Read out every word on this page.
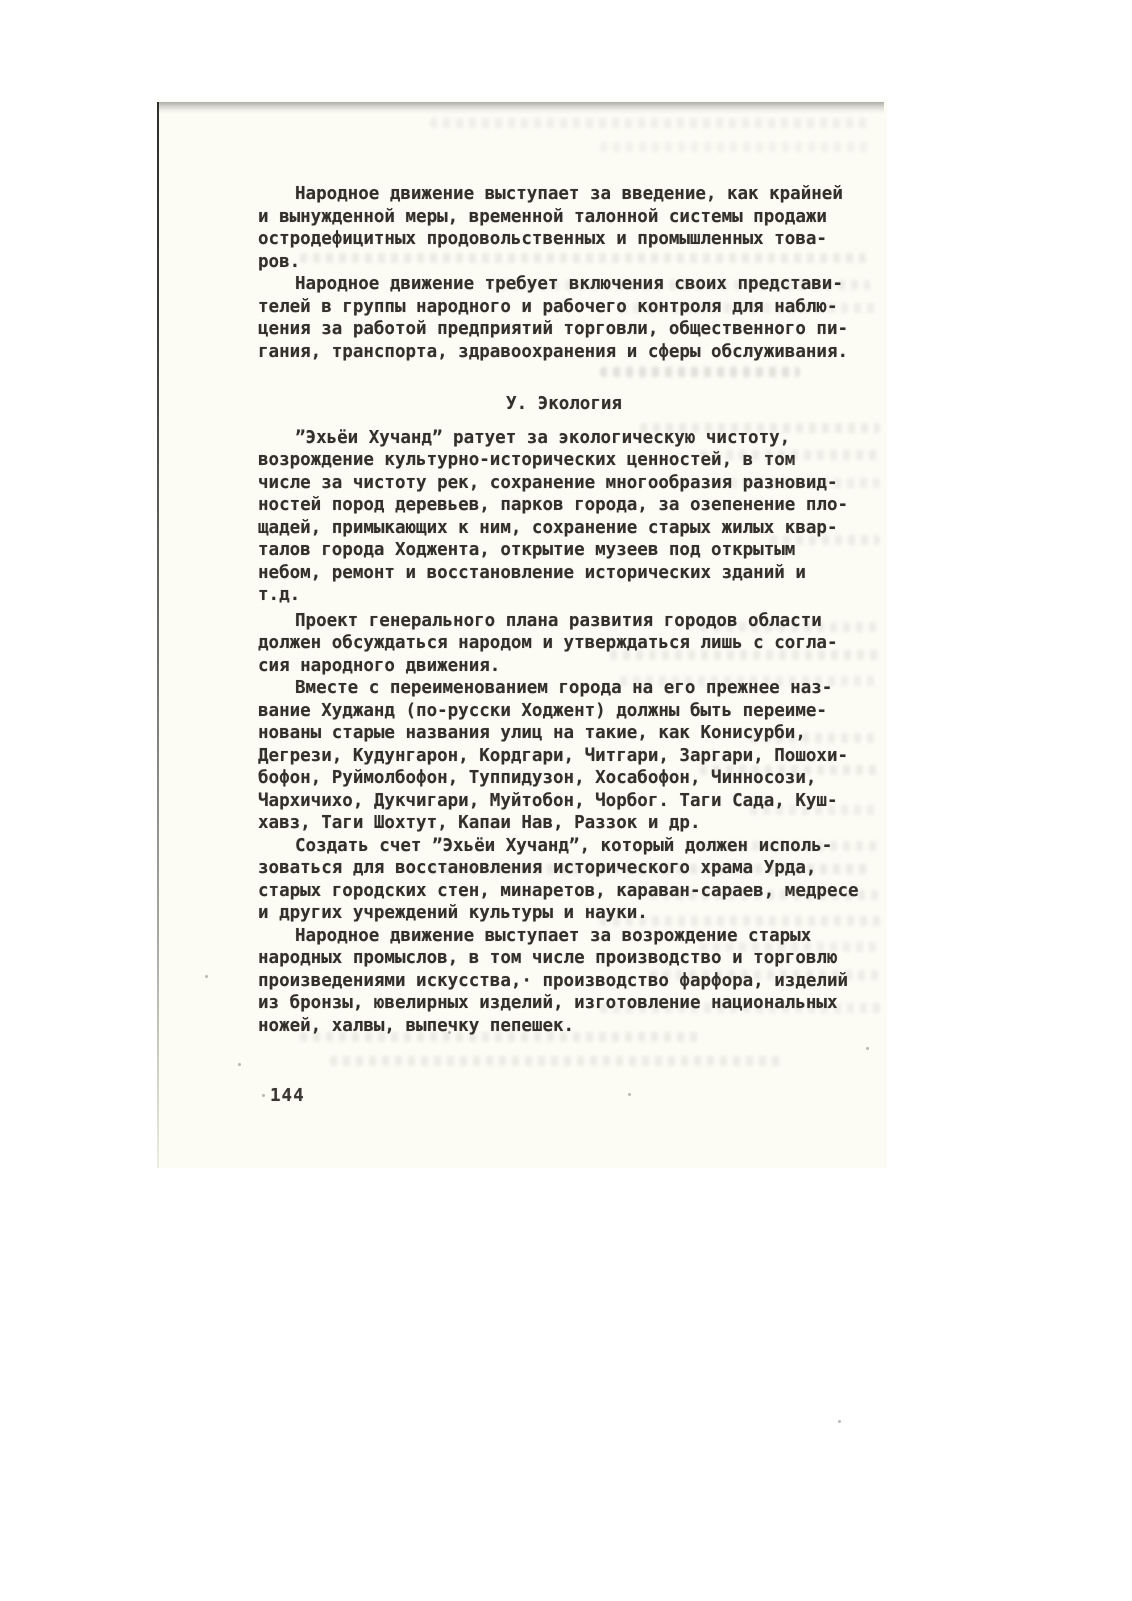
Народное движение выступает за введение, как крайней
и вынужденной меры, временной талонной системы продажи
остродефицитных продовольственных и промышленных това-
ров.
Народное движение требует включения своих представи-
телей в группы народного и рабочего контроля для наблю-
цения за работой предприятий торговли, общественного пи-
гания, транспорта, здравоохранения и сферы обслуживания.
У. Экология
”Эхьёи Хучанд” ратует за экологическую чистоту,
возрождение культурно-исторических ценностей, в том
числе за чистоту рек, сохранение многообразия разновид-
ностей пород деревьев, парков города, за озепенение пло-
щадей, примыкающих к ним, сохранение старых жилых квар-
талов города Ходжента, открытие музеев под открытым
небом, ремонт и восстановление исторических зданий и
т.д.
Проект генерального плана развития городов области
должен обсуждаться народом и утверждаться лишь с согла-
сия народного движения.
Вместе с переименованием города на его прежнее наз-
вание Худжанд (по-русски Ходжент) должны быть переиме-
нованы старые названия улиц на такие, как Конисурби,
Дегрези, Кудунгарон, Кордгари, Читгари, Заргари, Пошохи-
бофон, Руймолбофон, Туппидузон, Хосабофон, Чинносози,
Чархичихо, Дукчигари, Муйтобон, Чорбог. Таги Сада, Куш-
хавз, Таги Шохтут, Капаи Нав, Раззок и др.
Создать счет ”Эхьёи Хучанд”, который должен исполь-
зоваться для восстановления исторического храма Урда,
старых городских стен, минаретов, караван-сараев, медресе
и других учреждений культуры и науки.
Народное движение выступает за возрождение старых
народных промыслов, в том числе производство и торговлю
произведениями искусства,· производство фарфора, изделий
из бронзы, ювелирных изделий, изготовление национальных
ножей, халвы, выпечку пепешек.
144
